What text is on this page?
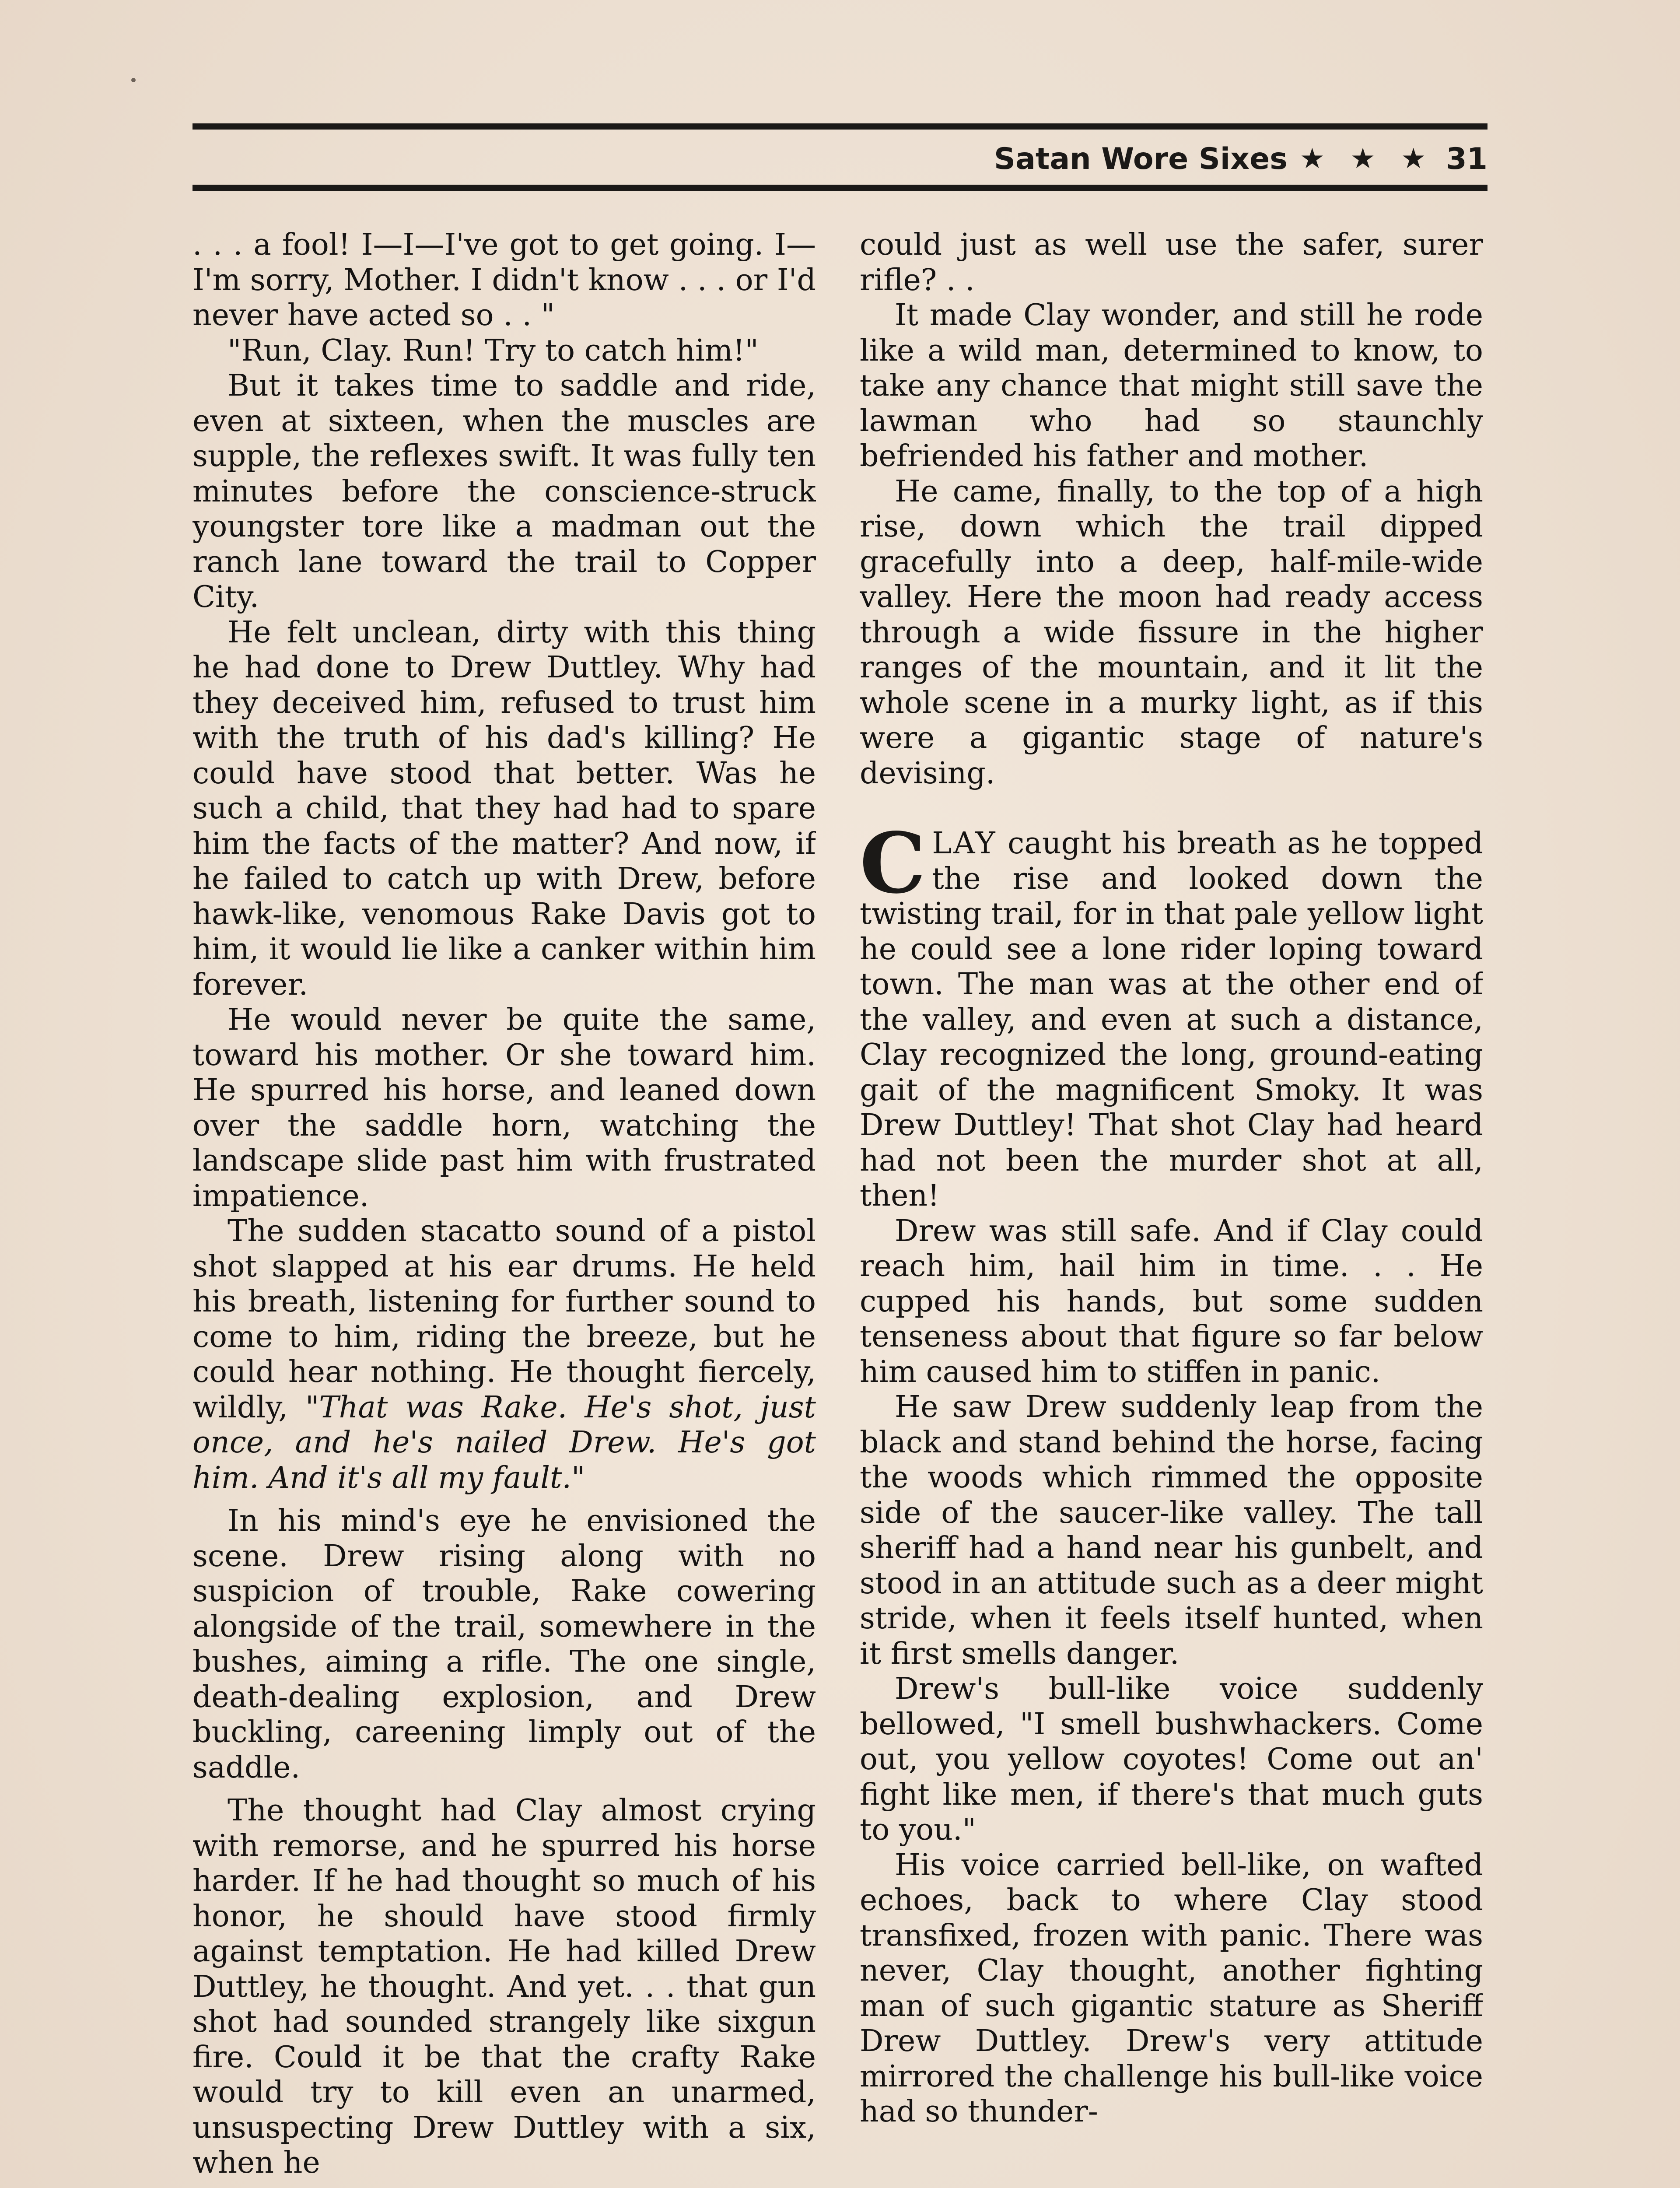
Satan Wore Sixes ★ ★ ★ 31

. . . a fool! I—I—I've got to get going. I—I'm sorry, Mother. I didn't know . . . or I'd never have acted so . . "

"Run, Clay. Run! Try to catch him!"

But it takes time to saddle and ride, even at sixteen, when the muscles are supple, the reflexes swift. It was fully ten minutes before the conscience-struck youngster tore like a madman out the ranch lane toward the trail to Copper City.

He felt unclean, dirty with this thing he had done to Drew Duttley. Why had they deceived him, refused to trust him with the truth of his dad's killing? He could have stood that better. Was he such a child, that they had had to spare him the facts of the matter? And now, if he failed to catch up with Drew, before hawk-like, venomous Rake Davis got to him, it would lie like a canker within him forever.

He would never be quite the same, toward his mother. Or she toward him. He spurred his horse, and leaned down over the saddle horn, watching the landscape slide past him with frustrated impatience.

The sudden stacatto sound of a pistol shot slapped at his ear drums. He held his breath, listening for further sound to come to him, riding the breeze, but he could hear nothing. He thought fiercely, wildly, "That was Rake. He's shot, just once, and he's nailed Drew. He's got him. And it's all my fault."

In his mind's eye he envisioned the scene. Drew rising along with no suspicion of trouble, Rake cowering alongside of the trail, somewhere in the bushes, aiming a rifle. The one single, death-dealing explosion, and Drew buckling, careening limply out of the saddle.

The thought had Clay almost crying with remorse, and he spurred his horse harder. If he had thought so much of his honor, he should have stood firmly against temptation. He had killed Drew Duttley, he thought. And yet. . . that gun shot had sounded strangely like sixgun fire. Could it be that the crafty Rake would try to kill even an unarmed, unsuspecting Drew Duttley with a six, when he

could just as well use the safer, surer rifle? . .

It made Clay wonder, and still he rode like a wild man, determined to know, to take any chance that might still save the lawman who had so staunchly befriended his father and mother.

He came, finally, to the top of a high rise, down which the trail dipped gracefully into a deep, half-mile-wide valley. Here the moon had ready access through a wide fissure in the higher ranges of the mountain, and it lit the whole scene in a murky light, as if this were a gigantic stage of nature's devising.

CLAY caught his breath as he topped the rise and looked down the twisting trail, for in that pale yellow light he could see a lone rider loping toward town. The man was at the other end of the valley, and even at such a distance, Clay recognized the long, ground-eating gait of the magnificent Smoky. It was Drew Duttley! That shot Clay had heard had not been the murder shot at all, then!

Drew was still safe. And if Clay could reach him, hail him in time. . . He cupped his hands, but some sudden tenseness about that figure so far below him caused him to stiffen in panic.

He saw Drew suddenly leap from the black and stand behind the horse, facing the woods which rimmed the opposite side of the saucer-like valley. The tall sheriff had a hand near his gunbelt, and stood in an attitude such as a deer might stride, when it feels itself hunted, when it first smells danger.

Drew's bull-like voice suddenly bellowed, "I smell bushwhackers. Come out, you yellow coyotes! Come out an' fight like men, if there's that much guts to you."

His voice carried bell-like, on wafted echoes, back to where Clay stood transfixed, frozen with panic. There was never, Clay thought, another fighting man of such gigantic stature as Sheriff Drew Duttley. Drew's very attitude mirrored the challenge his bull-like voice had so thunder-
